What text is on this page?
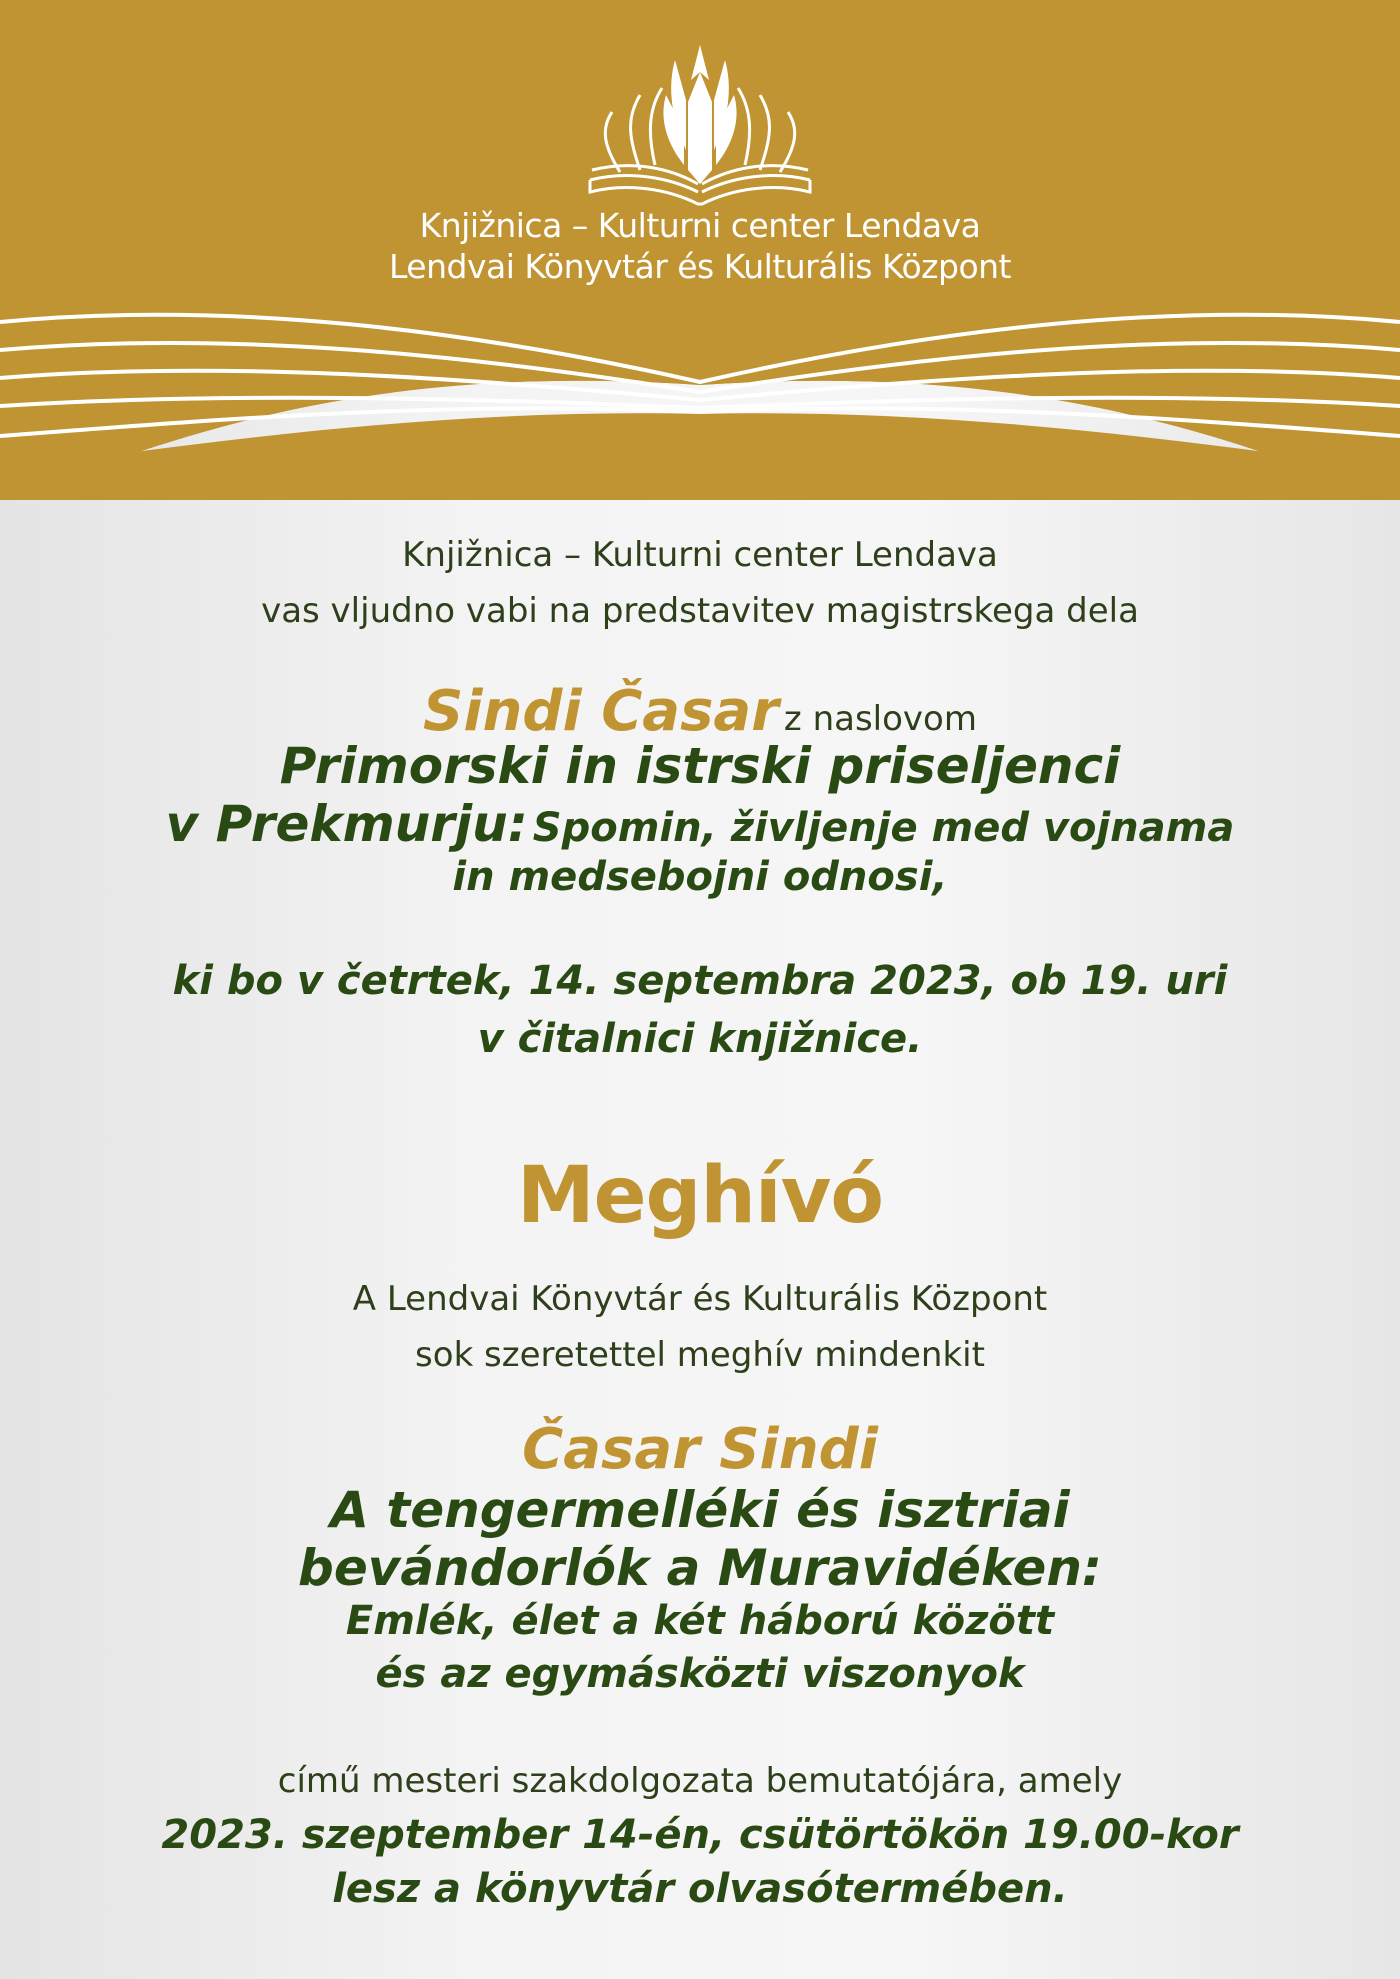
Knjižnica – Kulturni center Lendava
Lendvai Könyvtár és Kulturális Központ
Vabilo
Knjižnica – Kulturni center Lendava
vas vljudno vabi na predstavitev magistrskega dela
Sindi Časar z naslovom
Primorski in istrski priseljenci
v Prekmurju: Spomin, življenje med vojnama
in medsebojni odnosi,
ki bo v četrtek, 14. septembra 2023, ob 19. uri
v čitalnici knjižnice.
Meghívó
A Lendvai Könyvtár és Kulturális Központ
sok szeretettel meghív mindenkit
Časar Sindi
A tengermelléki és isztriai
bevándorlók a Muravidéken:
Emlék, élet a két háború között
és az egymásközti viszonyok
című mesteri szakdolgozata bemutatójára, amely
2023. szeptember 14-én, csütörtökön 19.00-kor
lesz a könyvtár olvasótermében.
